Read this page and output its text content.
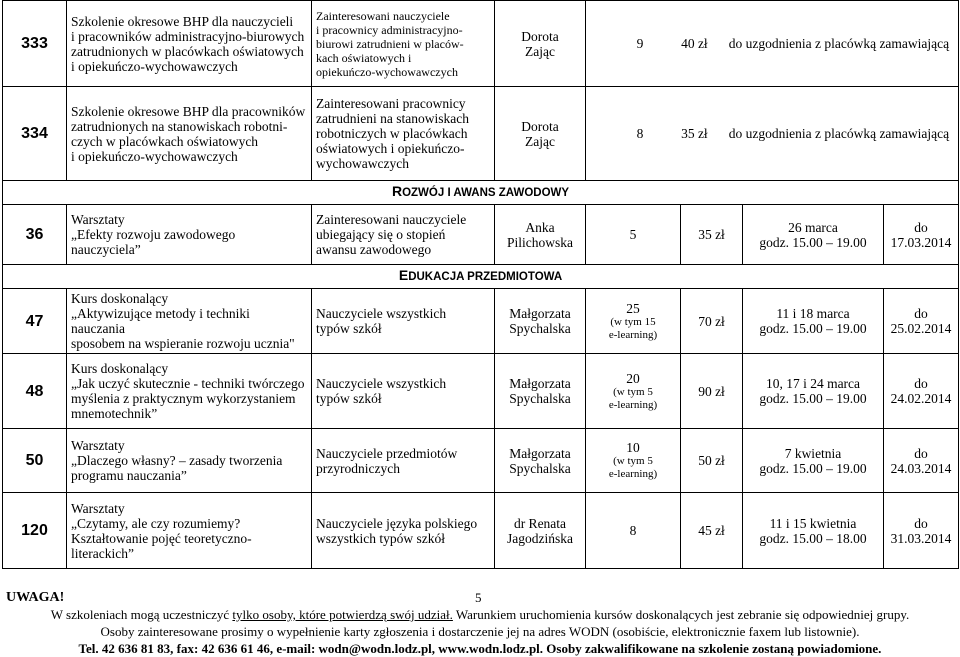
333	Szkolenie okresowe BHP dla nauczycieli
i pracowników administracyjno-biurowych
zatrudnionych w placówkach oświatowych
i opiekuńczo-wychowawczych	Zainteresowani nauczyciele
i pracownicy administracyjno-
biurowi zatrudnieni w placów-
kach oświatowych i
opiekuńczo-wychowawczych	Dorota
Zając	9 40 zł do uzgodnienia z placówką zamawiającą			
334	Szkolenie okresowe BHP dla pracowników
zatrudnionych na stanowiskach robotni-
czych w placówkach oświatowych
i opiekuńczo-wychowawczych	Zainteresowani pracownicy
zatrudnieni na stanowiskach
robotniczych w placówkach
oświatowych i opiekuńczo-
wychowawczych	Dorota
Zając	8 35 zł do uzgodnienia z placówką zamawiającą			
ROZWÓJ I AWANS ZAWODOWY							
36	Warsztaty
„Efekty rozwoju zawodowego
nauczyciela”	Zainteresowani nauczyciele
ubiegający się o stopień
awansu zawodowego	Anka
Pilichowska	5	35 zł	26 marca
godz. 15.00 – 19.00	do
17.03.2014

EDUKACJA PRZEDMIOTOWA							
47	Kurs doskonalący
„Aktywizujące metody i techniki nauczania
sposobem na wspieranie rozwoju ucznia"	Nauczyciele wszystkich
typów szkół	Małgorzata
Spychalska	25
(w tym 15
e-learning)	70 zł	11 i 18 marca
godz. 15.00 – 19.00	do
25.02.2014

48	Kurs doskonalący
„Jak uczyć skutecznie - techniki twórczego
myślenia z praktycznym wykorzystaniem
mnemotechnik”	Nauczyciele wszystkich
typów szkół	Małgorzata
Spychalska	20
(w tym 5
e-learning)	90 zł	10, 17 i 24 marca
godz. 15.00 – 19.00	do
24.02.2014

50	Warsztaty
„Dlaczego własny? – zasady tworzenia
programu nauczania”	Nauczyciele przedmiotów
przyrodniczych	Małgorzata
Spychalska	10
(w tym 5
e-learning)	50 zł	7 kwietnia
godz. 15.00 – 19.00	do
24.03.2014

120	Warsztaty
„Czytamy, ale czy rozumiemy?
Kształtowanie pojęć teoretyczno-
literackich”	Nauczyciele języka polskiego
wszystkich typów szkół	dr Renata
Jagodzińska	8	45 zł	11 i 15 kwietnia
godz. 15.00 – 18.00	do
31.03.2014
UWAGA!	5
W szkoleniach mogą uczestniczyć tylko osoby, które potwierdzą swój udział. Warunkiem uruchomienia kursów doskonalących jest zebranie się odpowiedniej grupy.
Osoby zainteresowane prosimy o wypełnienie karty zgłoszenia i dostarczenie jej na adres WODN (osobiście, elektronicznie faxem lub listownie).
Tel. 42 636 81 83, fax: 42 636 61 46, e-mail: wodn@wodn.lodz.pl, www.wodn.lodz.pl. Osoby zakwalifikowane na szkolenie zostaną powiadomione.
